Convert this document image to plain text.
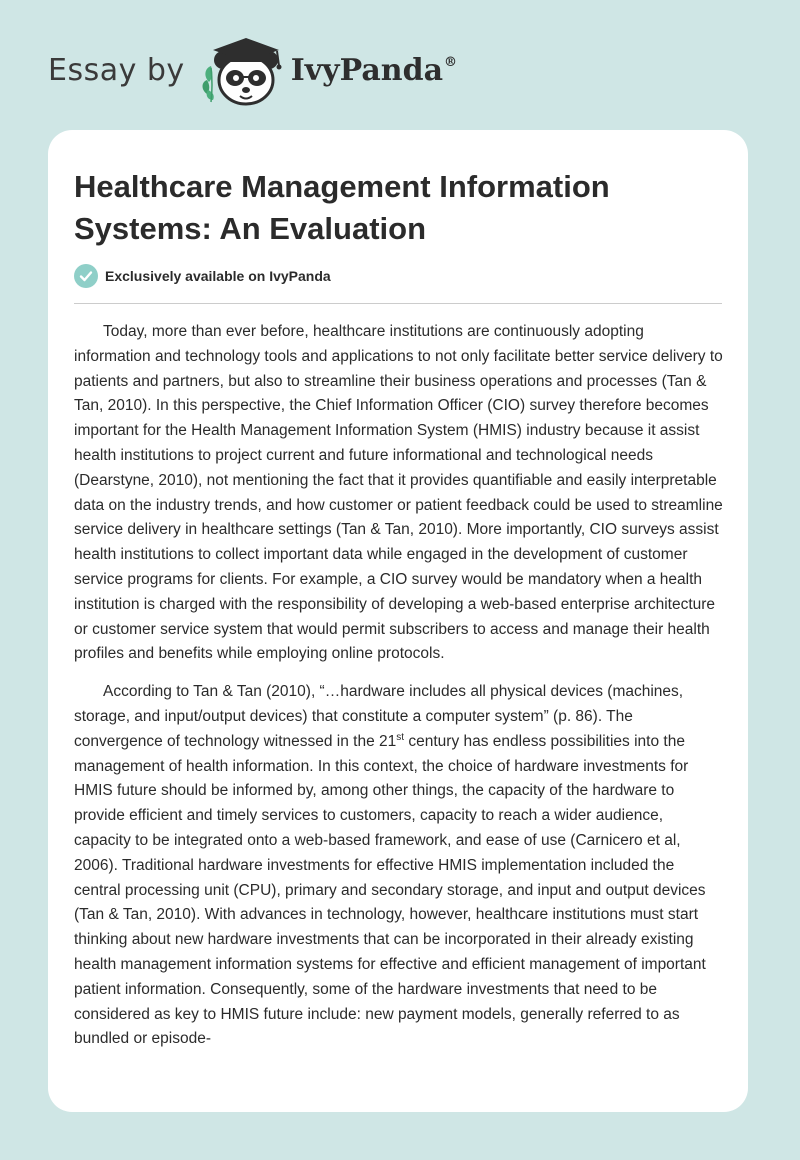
Essay by	IvyPanda®
Healthcare Management Information Systems: An Evaluation
Exclusively available on IvyPanda

Today, more than ever before, healthcare institutions are continuously adopting information and technology tools and applications to not only facilitate better service delivery to patients and partners, but also to streamline their business operations and processes (Tan & Tan, 2010). In this perspective, the Chief Information Officer (CIO) survey therefore becomes important for the Health Management Information System (HMIS) industry because it assist health institutions to project current and future informational and technological needs (Dearstyne, 2010), not mentioning the fact that it provides quantifiable and easily interpretable data on the industry trends, and how customer or patient feedback could be used to streamline service delivery in healthcare settings (Tan & Tan, 2010). More importantly, CIO surveys assist health institutions to collect important data while engaged in the development of customer service programs for clients. For example, a CIO survey would be mandatory when a health institution is charged with the responsibility of developing a web-based enterprise architecture or customer service system that would permit subscribers to access and manage their health profiles and benefits while employing online protocols.

According to Tan & Tan (2010), “…hardware includes all physical devices (machines, storage, and input/output devices) that constitute a computer system” (p. 86). The convergence of technology witnessed in the 21st century has endless possibilities into the management of health information. In this context, the choice of hardware investments for HMIS future should be informed by, among other things, the capacity of the hardware to provide efficient and timely services to customers, capacity to reach a wider audience, capacity to be integrated onto a web-based framework, and ease of use (Carnicero et al, 2006). Traditional hardware investments for effective HMIS implementation included the central processing unit (CPU), primary and secondary storage, and input and output devices (Tan & Tan, 2010). With advances in technology, however, healthcare institutions must start thinking about new hardware investments that can be incorporated in their already existing health management information systems for effective and efficient management of important patient information. Consequently, some of the hardware investments that need to be considered as key to HMIS future include: new payment models, generally referred to as bundled or episode-
